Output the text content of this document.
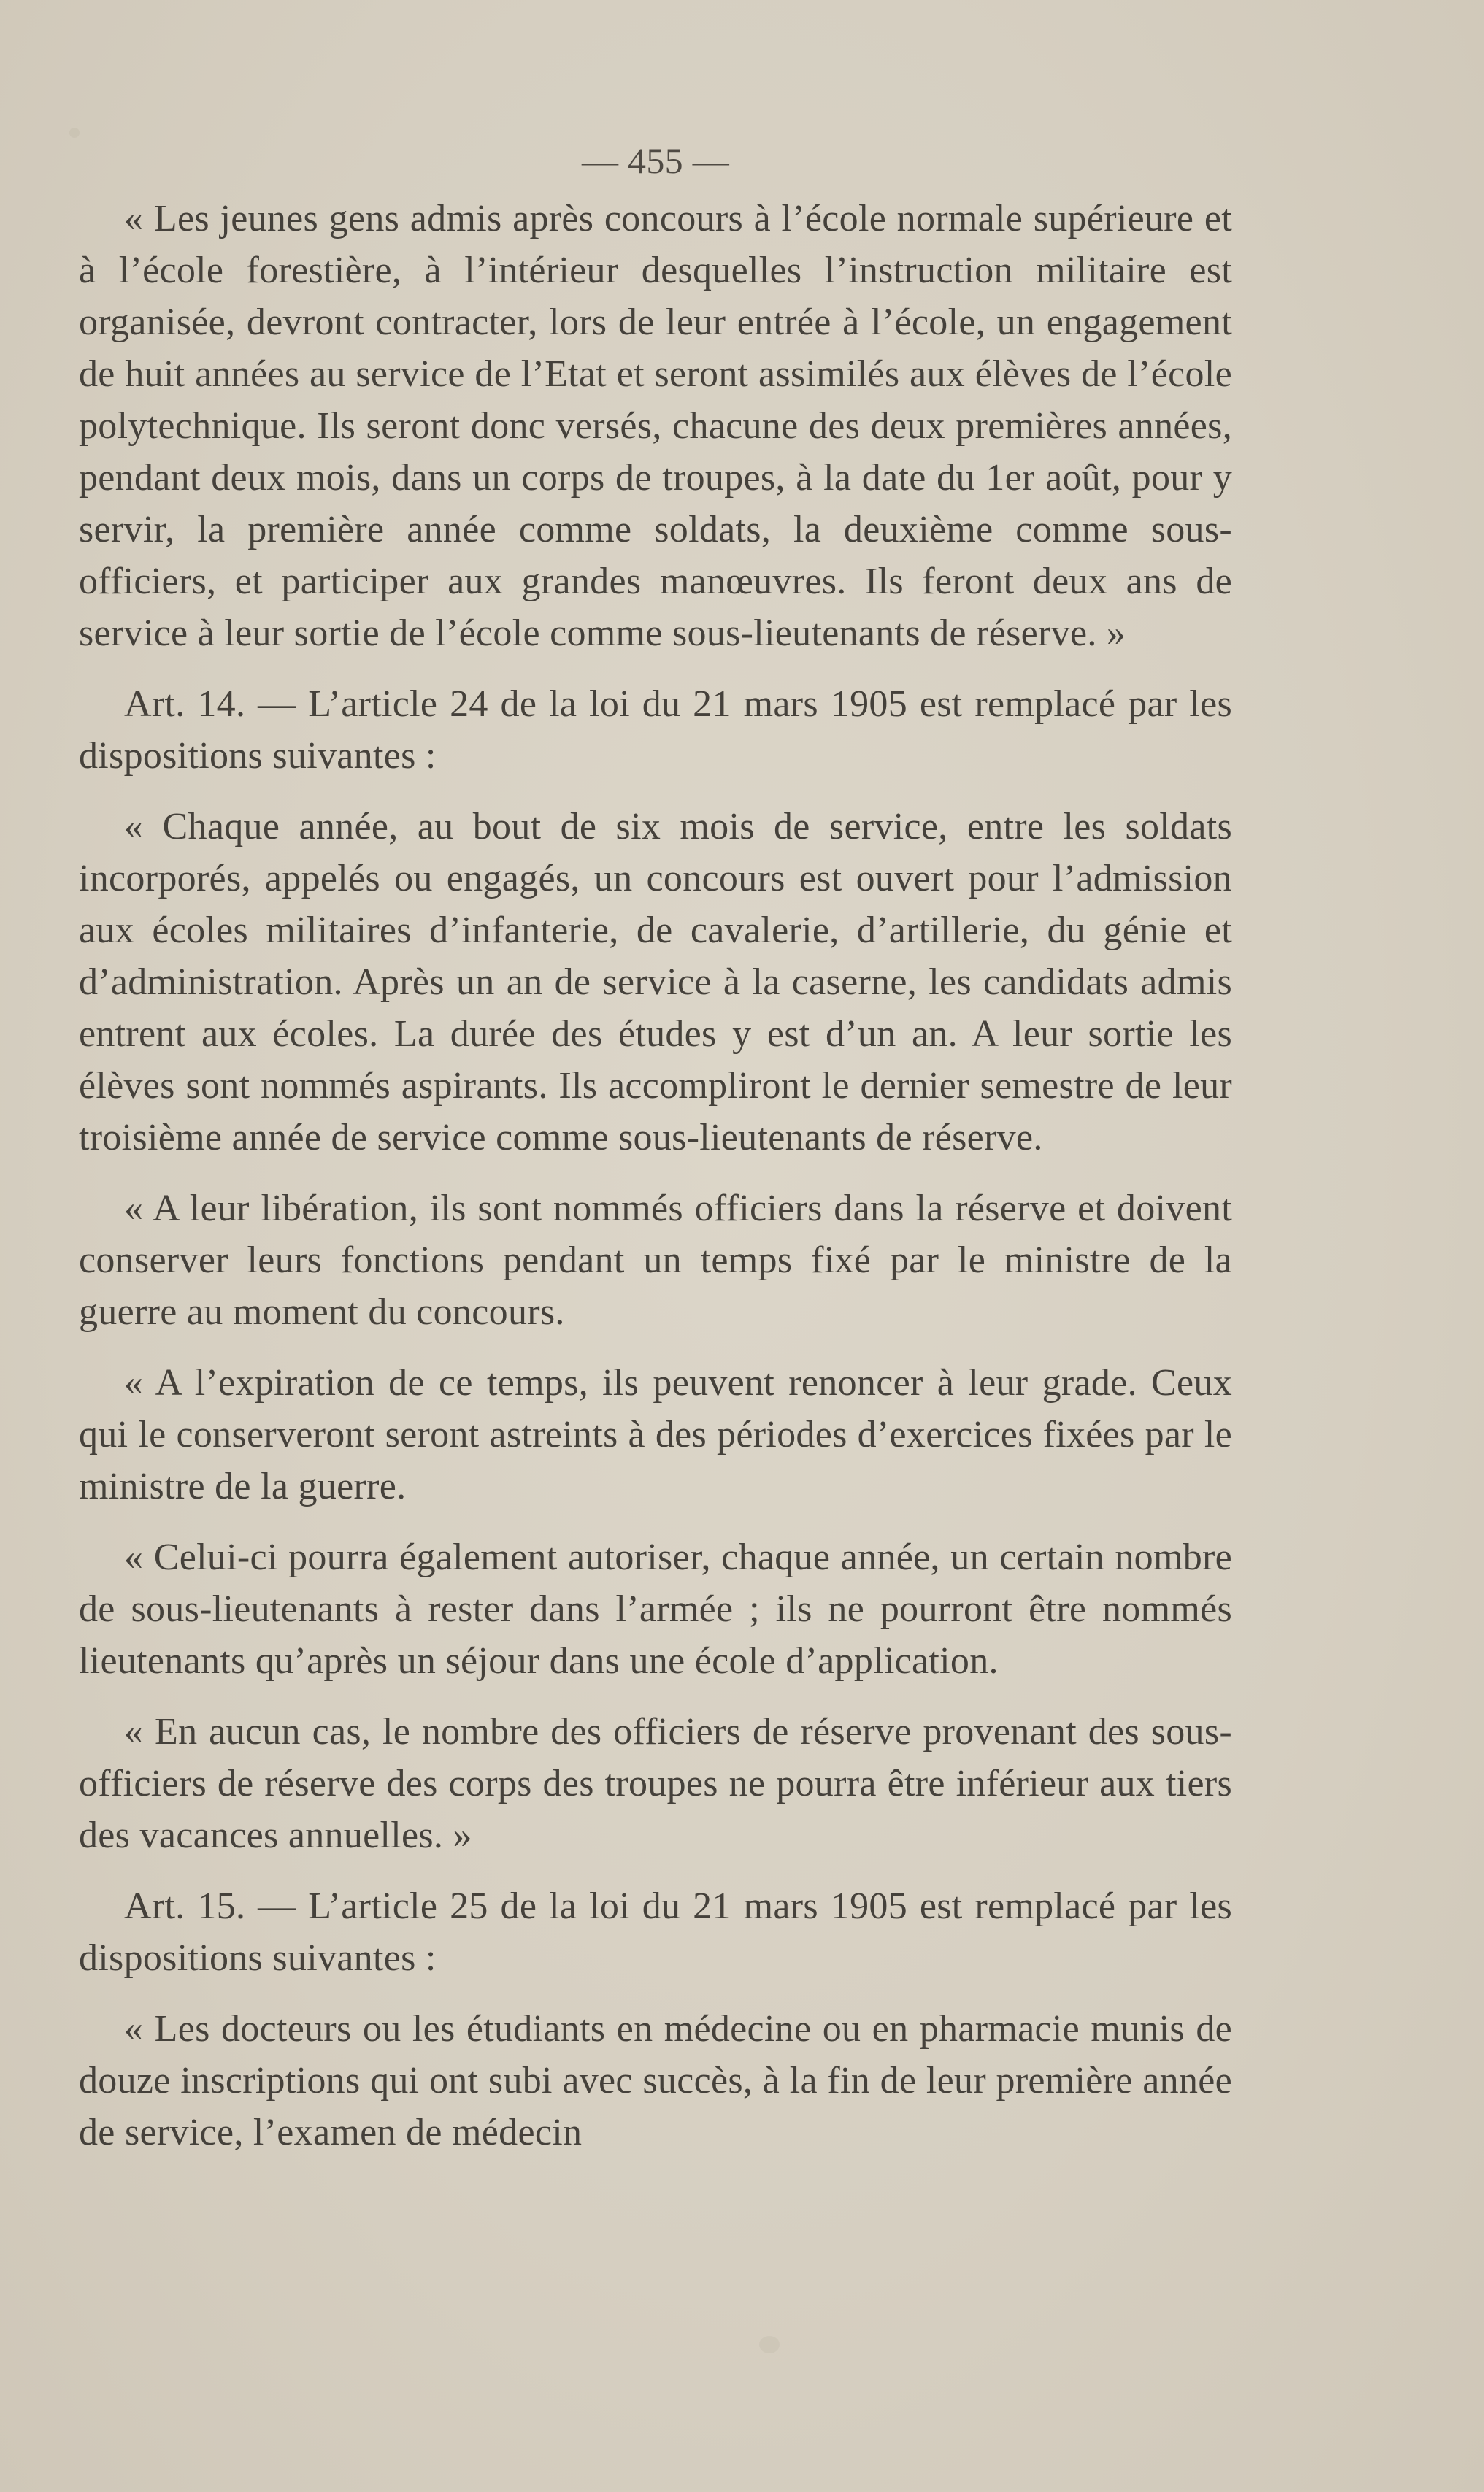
— 455 —

« Les jeunes gens admis après concours à l’école normale supérieure et à l’école forestière, à l’intérieur desquelles l’instruction militaire est organisée, devront contracter, lors de leur entrée à l’école, un engagement de huit années au service de l’Etat et seront assimilés aux élèves de l’école polytechnique. Ils seront donc versés, chacune des deux premières années, pendant deux mois, dans un corps de troupes, à la date du 1er août, pour y servir, la première année comme soldats, la deuxième comme sous-officiers, et participer aux grandes manœuvres. Ils feront deux ans de service à leur sortie de l’école comme sous-lieutenants de réserve. »

Art. 14. — L’article 24 de la loi du 21 mars 1905 est remplacé par les dispositions suivantes :

« Chaque année, au bout de six mois de service, entre les soldats incorporés, appelés ou engagés, un concours est ouvert pour l’admission aux écoles militaires d’infanterie, de cavalerie, d’artillerie, du génie et d’administration. Après un an de service à la caserne, les candidats admis entrent aux écoles. La durée des études y est d’un an. A leur sortie les élèves sont nommés aspirants. Ils accompliront le dernier semestre de leur troisième année de service comme sous-lieutenants de réserve.

« A leur libération, ils sont nommés officiers dans la réserve et doivent conserver leurs fonctions pendant un temps fixé par le ministre de la guerre au moment du concours.

« A l’expiration de ce temps, ils peuvent renoncer à leur grade. Ceux qui le conserveront seront astreints à des périodes d’exercices fixées par le ministre de la guerre.

« Celui-ci pourra également autoriser, chaque année, un certain nombre de sous-lieutenants à rester dans l’armée ; ils ne pourront être nommés lieutenants qu’après un séjour dans une école d’application.

« En aucun cas, le nombre des officiers de réserve provenant des sous-officiers de réserve des corps des troupes ne pourra être inférieur aux tiers des vacances annuelles. »

Art. 15. — L’article 25 de la loi du 21 mars 1905 est remplacé par les dispositions suivantes :

« Les docteurs ou les étudiants en médecine ou en pharmacie munis de douze inscriptions qui ont subi avec succès, à la fin de leur première année de service, l’examen de médecin
